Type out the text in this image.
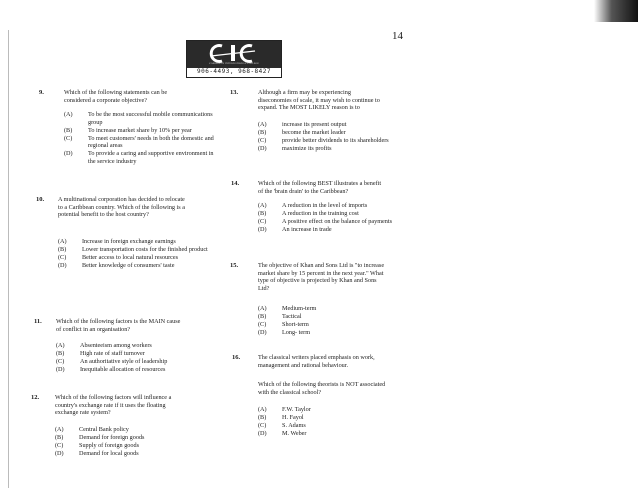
14
CARIBBEAN INTERNATIONAL COLLEGE
906-4493, 968-8427
9.	Which of the following statements can be considered a corporate objective?
(A)	To be the most successful mobile communications group
(B)	To increase market share by 10% per year
(C)	To meet customers' needs in both the domestic and regional areas
(D)	To provide a caring and supportive environment in the service industry
10. A multinational corporation has decided to relocate to a Caribbean country. Which of the following is a potential benefit to the host country?
(A)	Increase in foreign exchange earnings
(B)	Lower transportation costs for the finished product
(C)	Better access to local natural resources
(D)	Better knowledge of consumers' taste
11. Which of the following factors is the MAIN cause of conflict in an organisation?
(A)	Absenteeism among workers
(B)	High rate of staff turnover
(C)	An authoritative style of leadership
(D)	Inequitable allocation of resources
12.	Which of the following factors will influence a country's exchange rate if it uses the floating exchange rate system?
(A)	Central Bank policy
(B)	Demand for foreign goods
(C)	Supply of foreign goods
(D)	Demand for local goods
13.	Although a firm may be experiencing diseconomies of scale, it may wish to continue to expand. The MOST LIKELY reason is to
(A)	increase its present output
(B)	become the market leader
(C)	provide better dividends to its shareholders
(D)	maximize its profits
14.	Which of the following BEST illustrates a benefit of the 'brain drain' to the Caribbean?
(A)	A reduction in the level of imports
(B)	A reduction in the training cost
(C)	A positive effect on the balance of payments
(D)	An increase in trade
15.	The objective of Khan and Sons Ltd is "to increase market share by 15 percent in the next year." What type of objective is projected by Khan and Sons Ltd?
(A)	Medium-term
(B)	Tactical
(C)	Short-term
(D)	Long- term
16.	The classical writers placed emphasis on work, management and rational behaviour.
Which of the following theorists is NOT associated with the classical school?
(A)	F.W. Taylor
(B)	H. Fayol
(C)	S. Adams
(D)	M. Weber
